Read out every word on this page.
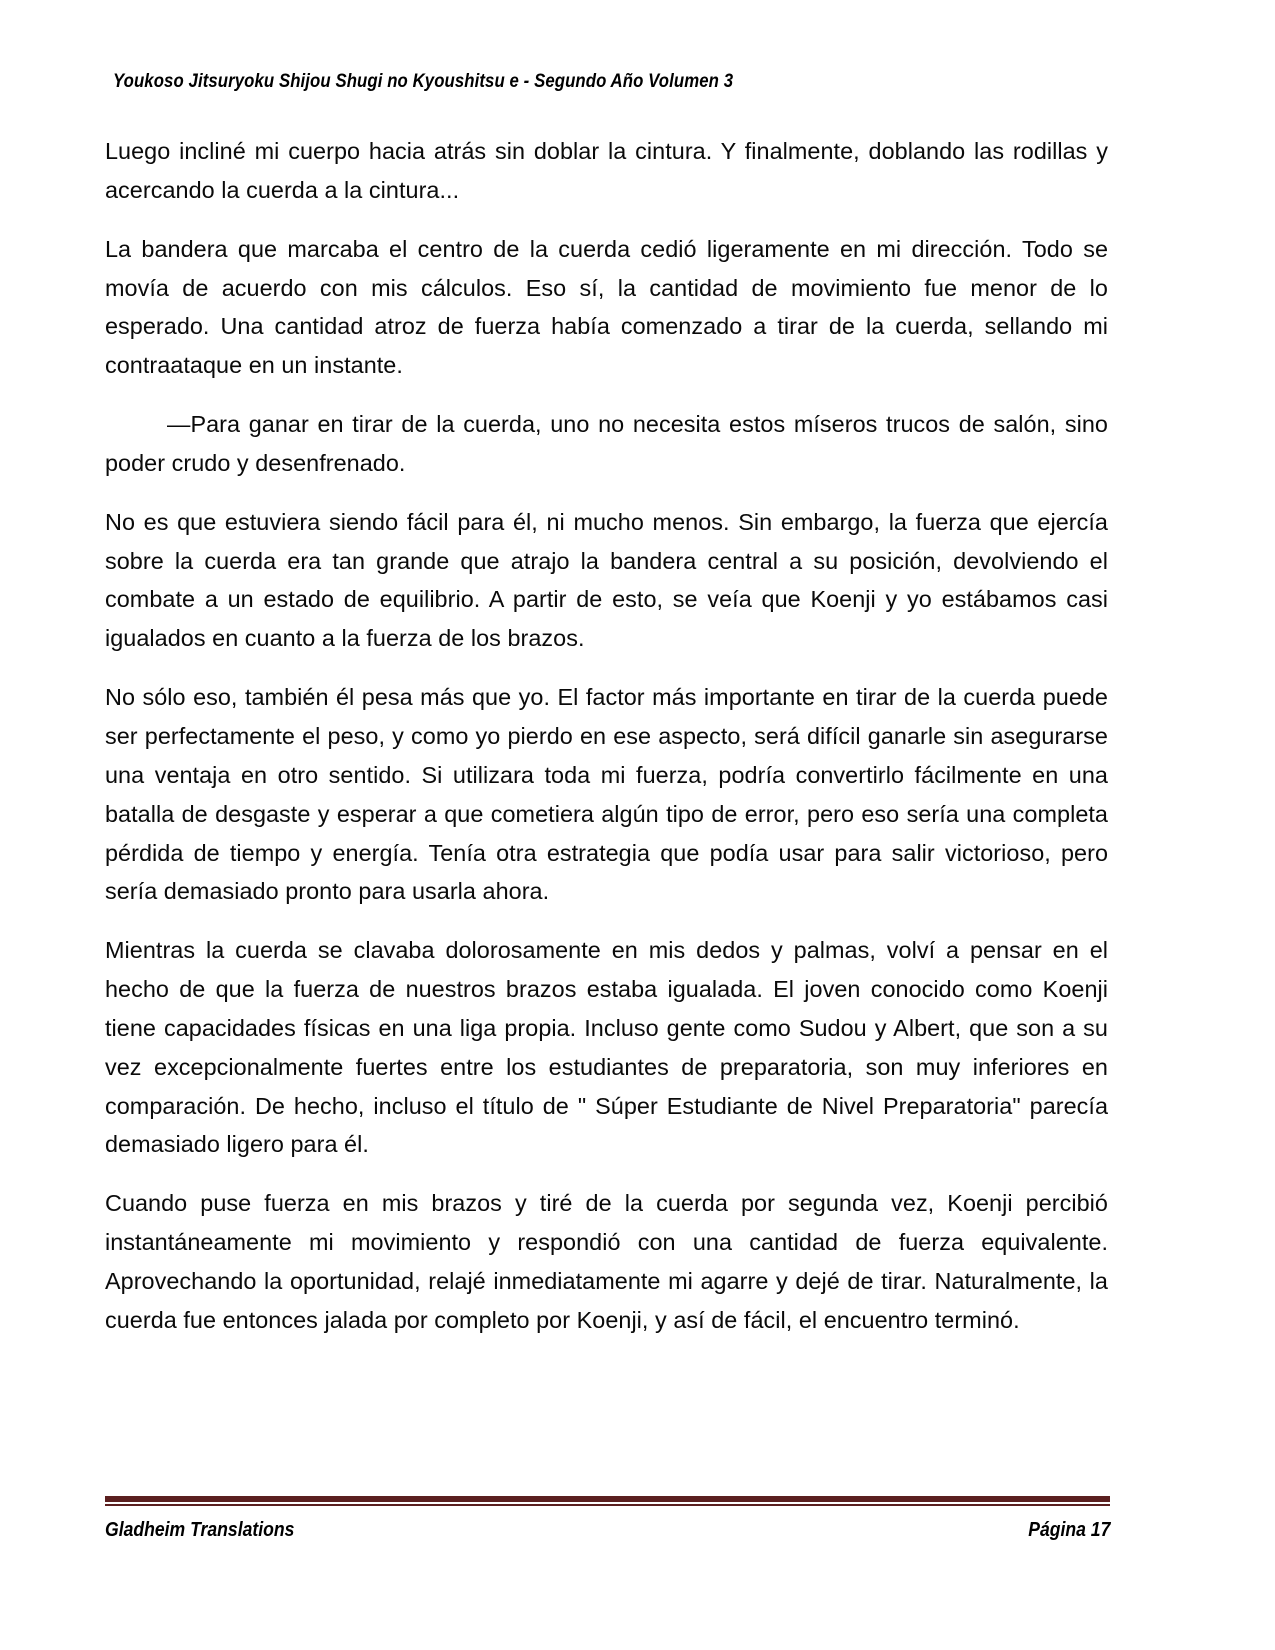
Youkoso Jitsuryoku Shijou Shugi no Kyoushitsu e - Segundo Año Volumen 3

Luego incliné mi cuerpo hacia atrás sin doblar la cintura. Y finalmente, doblando las rodillas y acercando la cuerda a la cintura...

La bandera que marcaba el centro de la cuerda cedió ligeramente en mi dirección. Todo se movía de acuerdo con mis cálculos. Eso sí, la cantidad de movimiento fue menor de lo esperado. Una cantidad atroz de fuerza había comenzado a tirar de la cuerda, sellando mi contraataque en un instante.

—Para ganar en tirar de la cuerda, uno no necesita estos míseros trucos de salón, sino poder crudo y desenfrenado.

No es que estuviera siendo fácil para él, ni mucho menos. Sin embargo, la fuerza que ejercía sobre la cuerda era tan grande que atrajo la bandera central a su posición, devolviendo el combate a un estado de equilibrio. A partir de esto, se veía que Koenji y yo estábamos casi igualados en cuanto a la fuerza de los brazos.

No sólo eso, también él pesa más que yo. El factor más importante en tirar de la cuerda puede ser perfectamente el peso, y como yo pierdo en ese aspecto, será difícil ganarle sin asegurarse una ventaja en otro sentido. Si utilizara toda mi fuerza, podría convertirlo fácilmente en una batalla de desgaste y esperar a que cometiera algún tipo de error, pero eso sería una completa pérdida de tiempo y energía. Tenía otra estrategia que podía usar para salir victorioso, pero sería demasiado pronto para usarla ahora.

Mientras la cuerda se clavaba dolorosamente en mis dedos y palmas, volví a pensar en el hecho de que la fuerza de nuestros brazos estaba igualada. El joven conocido como Koenji tiene capacidades físicas en una liga propia. Incluso gente como Sudou y Albert, que son a su vez excepcionalmente fuertes entre los estudiantes de preparatoria, son muy inferiores en comparación. De hecho, incluso el título de " Súper Estudiante de Nivel Preparatoria" parecía demasiado ligero para él.

Cuando puse fuerza en mis brazos y tiré de la cuerda por segunda vez, Koenji percibió instantáneamente mi movimiento y respondió con una cantidad de fuerza equivalente. Aprovechando la oportunidad, relajé inmediatamente mi agarre y dejé de tirar. Naturalmente, la cuerda fue entonces jalada por completo por Koenji, y así de fácil, el encuentro terminó.

Gladheim Translations	Página 17
